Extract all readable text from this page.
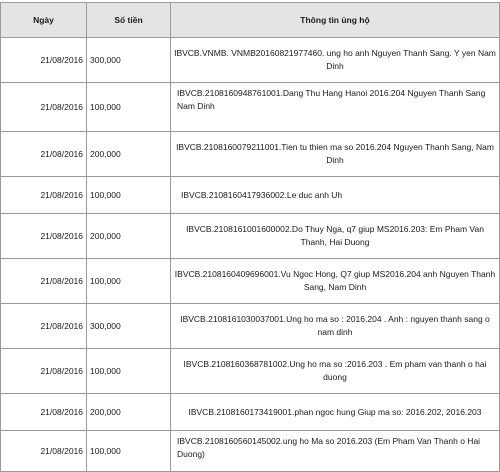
Ngày	Số tiền	Thông tin ủng hộ
21/08/2016	300,000	IBVCB.VNMB. VNMB20160821977460. ung ho anh Nguyen Thanh Sang. Y yen Nam Dinh
21/08/2016	100,000	IBVCB.2108160948761001.Dang Thu Hang Hanoi 2016.204 Nguyen Thanh Sang Nam Dinh
21/08/2016	200,000	IBVCB.2108160079211001.Tien tu thien ma so 2016.204 Nguyen Thanh Sang, Nam Dinh
21/08/2016	100,000	IBVCB.2108160417936002.Le duc anh Uh
21/08/2016	200,000	IBVCB.2108161001600002.Do Thuy Nga, q7 giup MS2016.203: Em Pham Van Thanh, Hai Duong
21/08/2016	100,000	IBVCB.2108160409696001.Vu Ngoc Hong, Q7 giup MS2016.204 anh Nguyen Thanh Sang, Nam Dinh
21/08/2016	300,000	IBVCB.2108161030037001.Ung ho ma so : 2016.204 . Anh : nguyen thanh sang o nam dinh
21/08/2016	100,000	IBVCB.2108160368781002.Ung ho ma so :2016.203 . Em pham van thanh o hai duong
21/08/2016	200,000	IBVCB.2108160173419001.phan ngoc hung Giup ma so: 2016.202, 2016.203
21/08/2016	100,000	IBVCB.2108160560145002.ung ho Ma so 2016.203 (Em Pham Van Thanh o Hai Duong)
